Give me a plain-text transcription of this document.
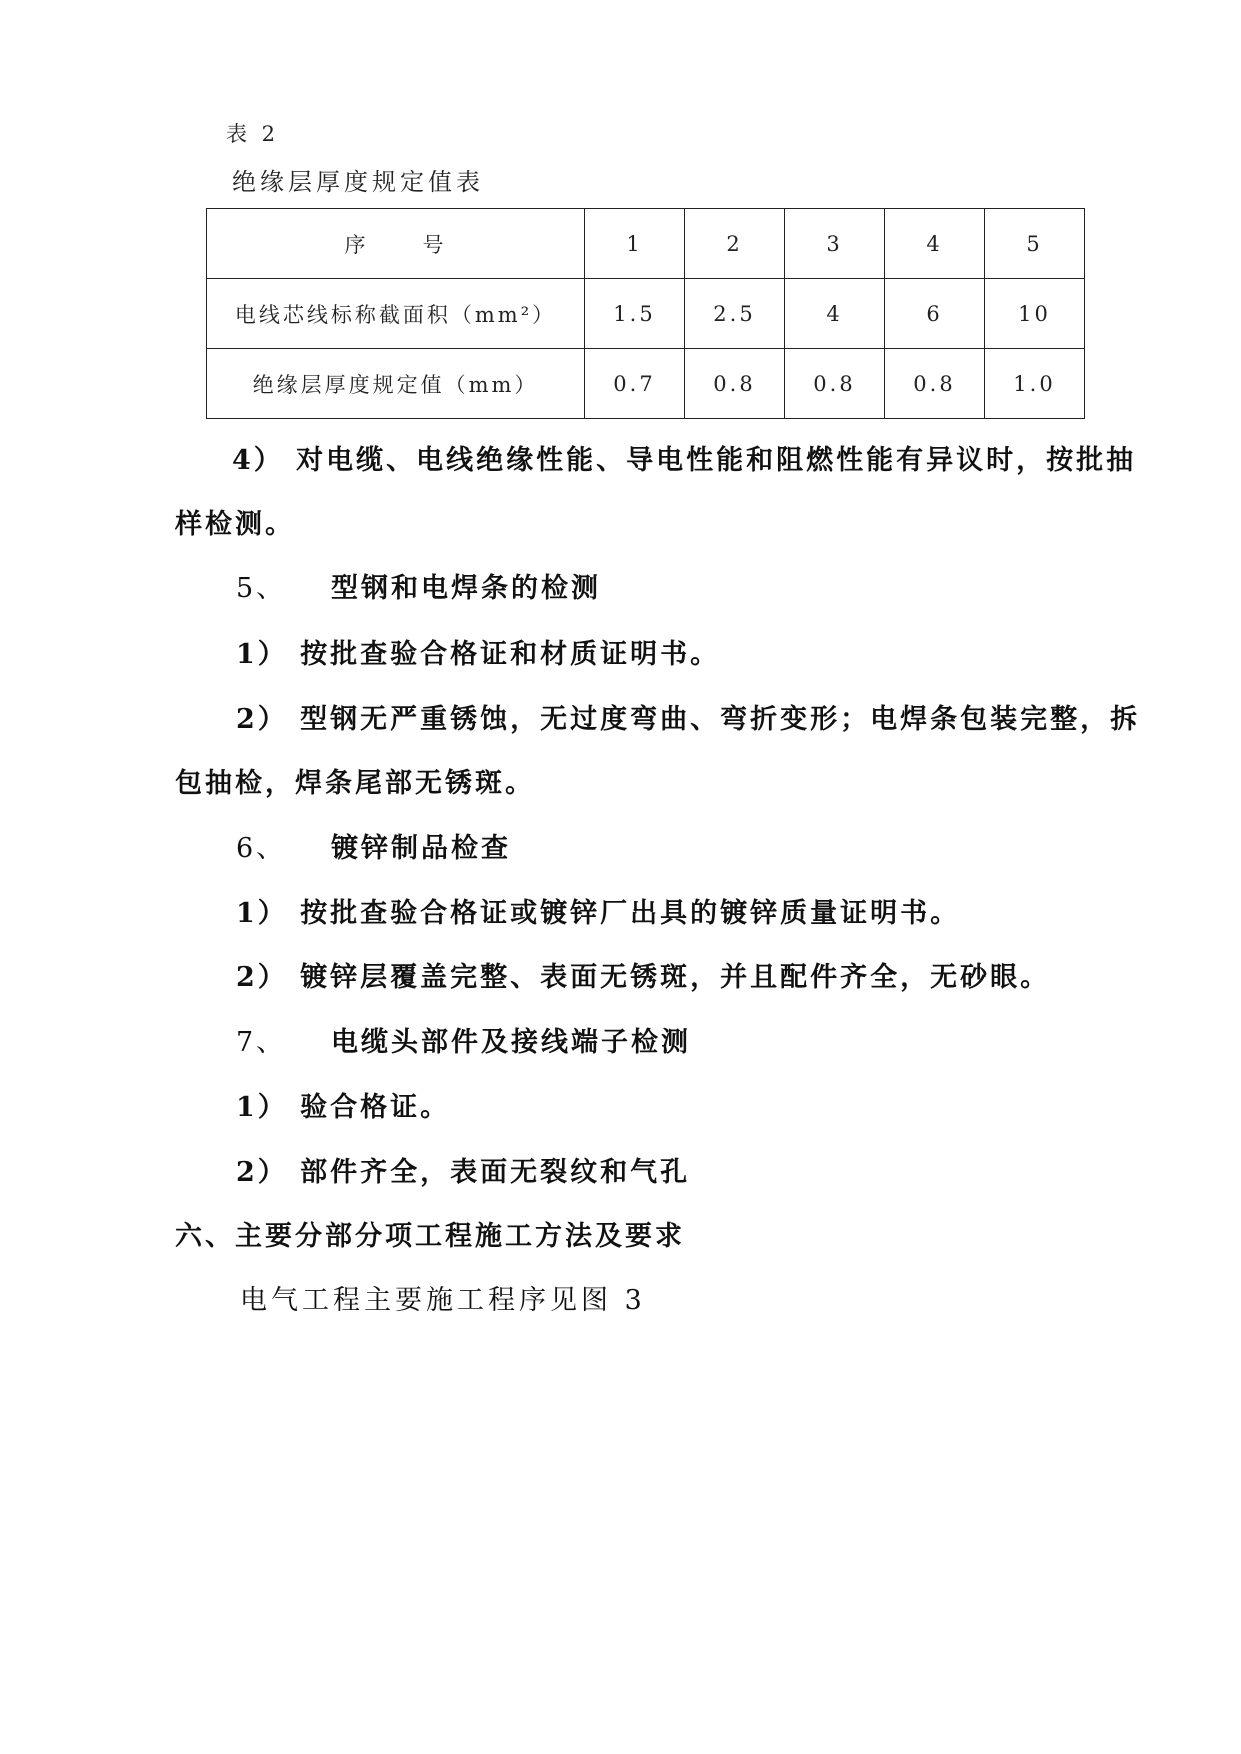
表 2
绝缘层厚度规定值表
序 号	1	2	3	4	5
电线芯线标称截面积（mm²）	1.5	2.5	4	6	10
绝缘层厚度规定值（mm）	0.7	0.8	0.8	0.8	1.0
4） 对电缆、电线绝缘性能、导电性能和阻燃性能有异议时，按批抽
样检测。
5、 型钢和电焊条的检测
1） 按批查验合格证和材质证明书。
2） 型钢无严重锈蚀，无过度弯曲、弯折变形；电焊条包装完整，拆
包抽检，焊条尾部无锈斑。
6、 镀锌制品检查
1） 按批查验合格证或镀锌厂出具的镀锌质量证明书。
2） 镀锌层覆盖完整、表面无锈斑，并且配件齐全，无砂眼。
7、 电缆头部件及接线端子检测
1） 验合格证。
2） 部件齐全，表面无裂纹和气孔
六、主要分部分项工程施工方法及要求
电气工程主要施工程序见图 3
